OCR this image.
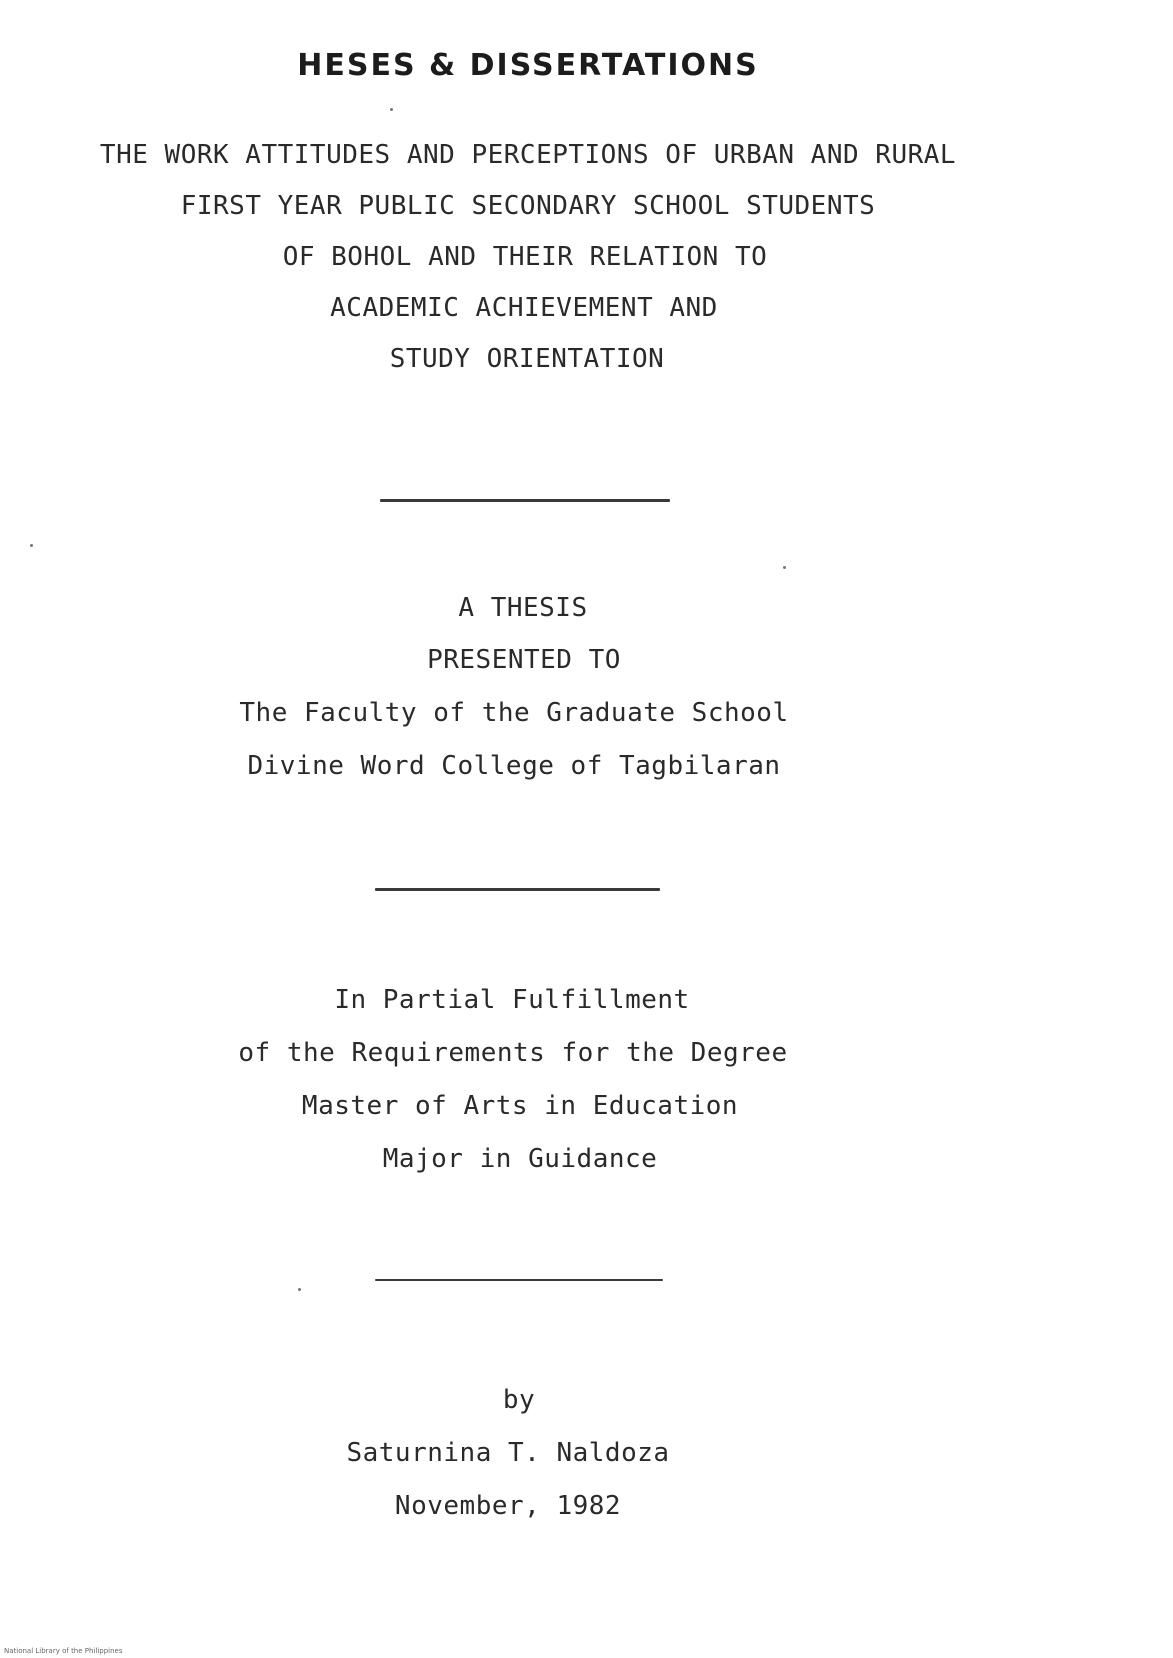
HESES & DISSERTATIONS
THE WORK ATTITUDES AND PERCEPTIONS OF URBAN AND RURAL
FIRST YEAR PUBLIC SECONDARY SCHOOL STUDENTS
OF BOHOL AND THEIR RELATION TO
ACADEMIC ACHIEVEMENT AND
STUDY ORIENTATION
A THESIS
PRESENTED TO
The Faculty of the Graduate School
Divine Word College of Tagbilaran
In Partial Fulfillment
of the Requirements for the Degree
Master of Arts in Education
Major in Guidance
by
Saturnina T. Naldoza
November, 1982
National Library of the Philippines
